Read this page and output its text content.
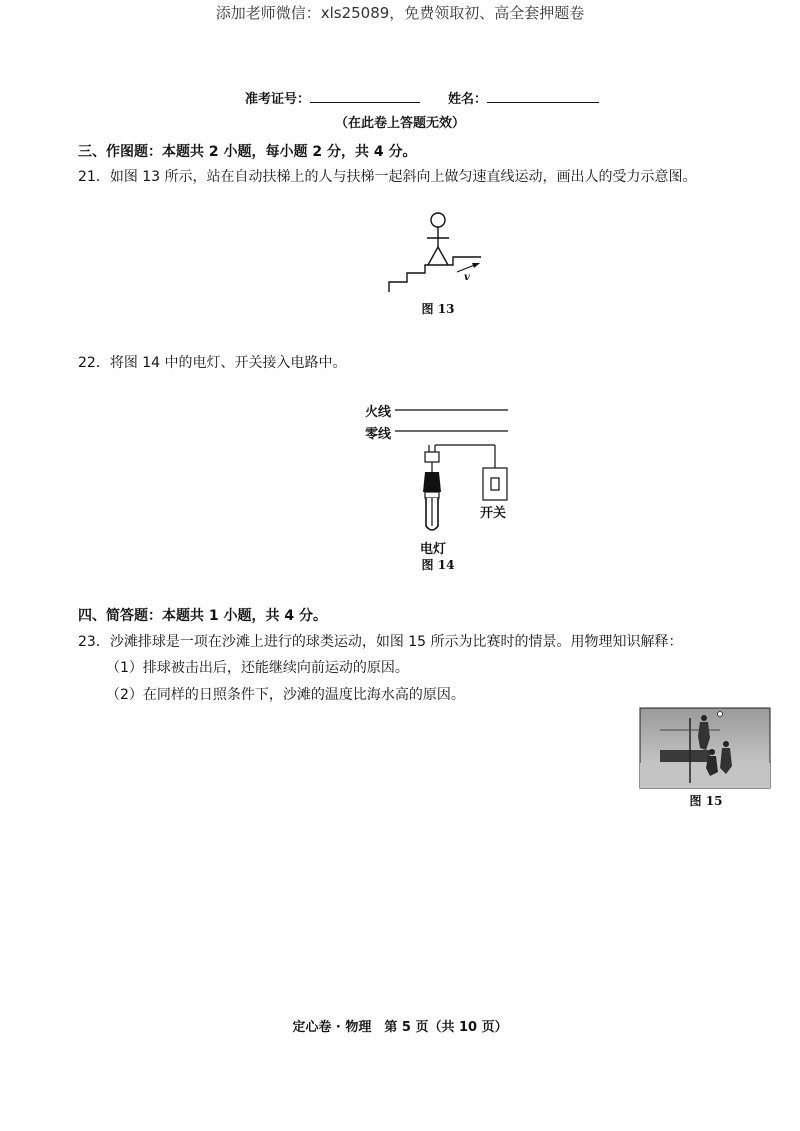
添加老师微信：xls25089，免费领取初、高全套押题卷
准考证号：	姓名：
（在此卷上答题无效）
三、作图题：本题共 2 小题，每小题 2 分，共 4 分。
21．如图 13 所示，站在自动扶梯上的人与扶梯一起斜向上做匀速直线运动，画出人的受力示意图。
v
图 13
22．将图 14 中的电灯、开关接入电路中。
火线
零线
开关
电灯
图 14
四、简答题：本题共 1 小题，共 4 分。
23．沙滩排球是一项在沙滩上进行的球类运动，如图 15 所示为比赛时的情景。用物理知识解释：
（1）排球被击出后，还能继续向前运动的原因。
（2）在同样的日照条件下，沙滩的温度比海水高的原因。
图 15
定心卷 · 物理　第 5 页（共 10 页）
